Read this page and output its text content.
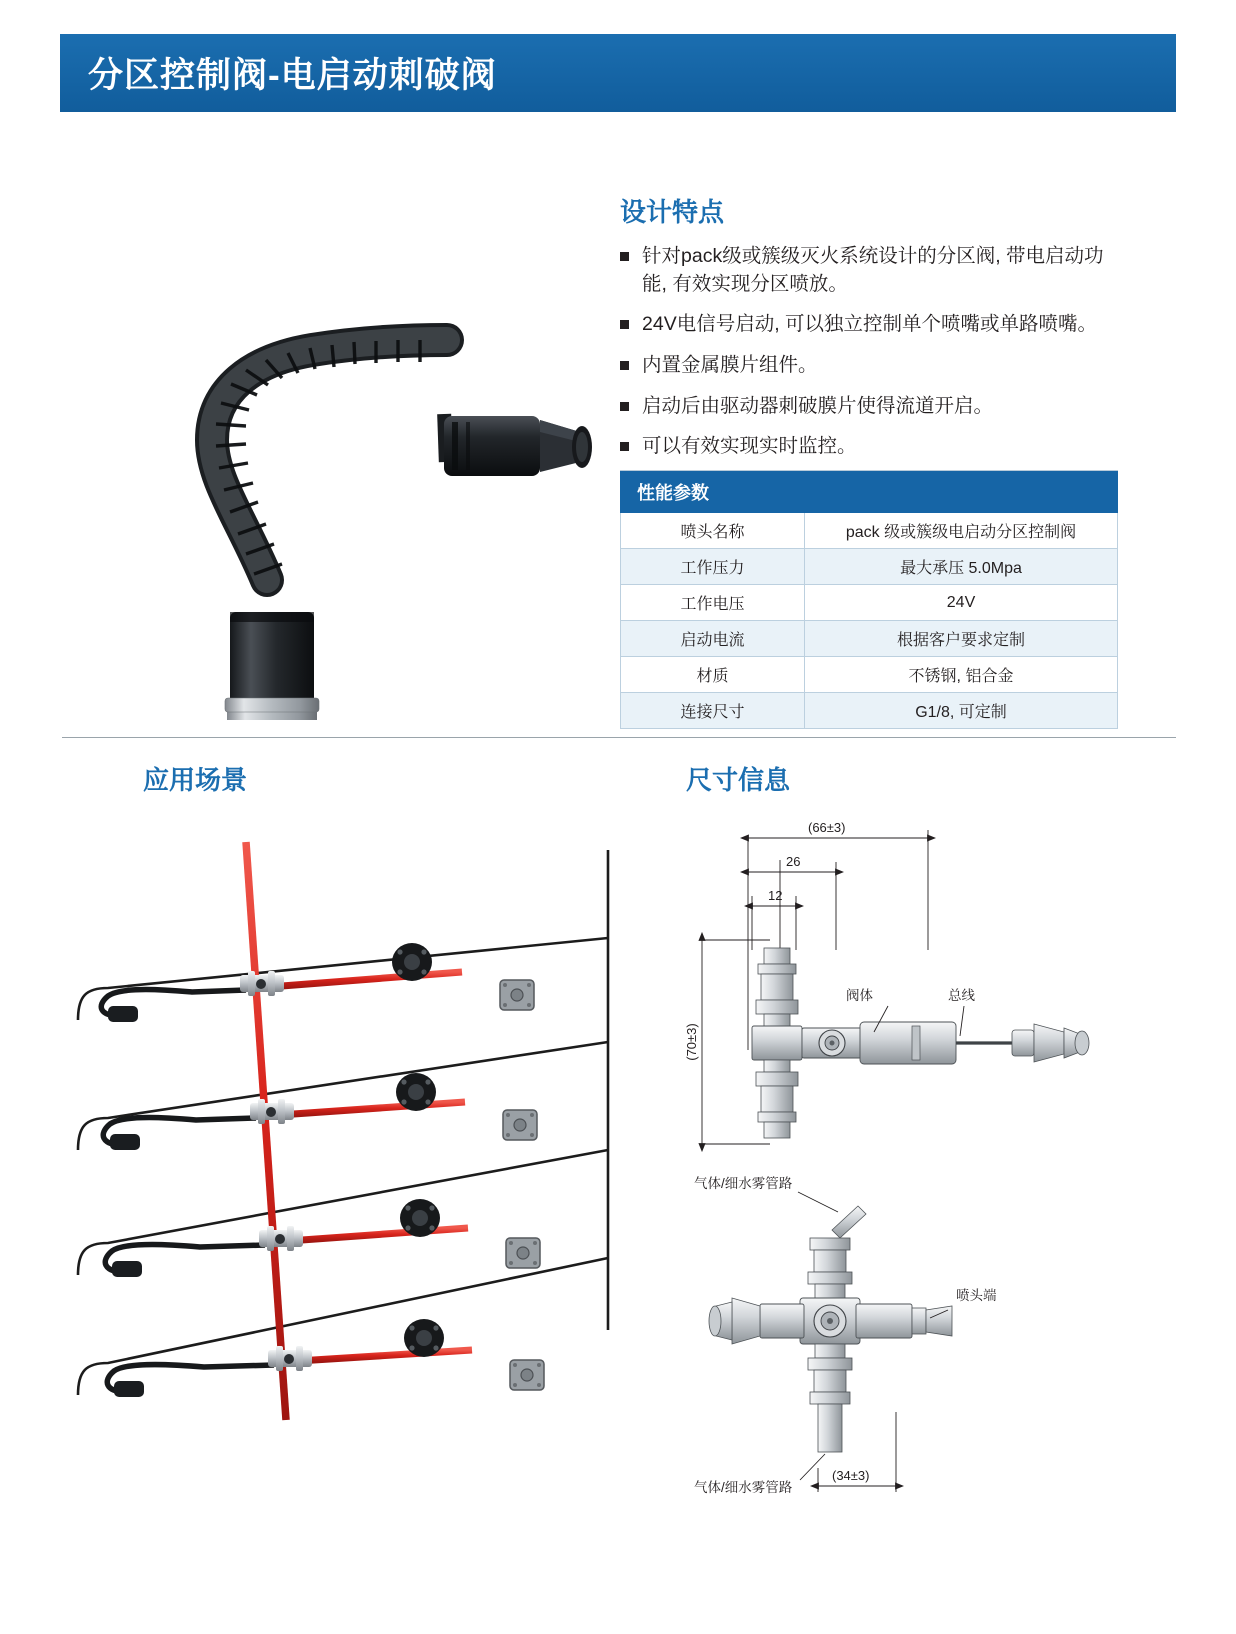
分区控制阀-电启动刺破阀
设计特点
针对pack级或簇级灭火系统设计的分区阀, 带电启动功能, 有效实现分区喷放。
24V电信号启动, 可以独立控制单个喷嘴或单路喷嘴。
内置金属膜片组件。
启动后由驱动器刺破膜片使得流道开启。
可以有效实现实时监控。
性能参数	
喷头名称	pack 级或簇级电启动分区控制阀
工作压力	最大承压 5.0Mpa
工作电压	24V
启动电流	根据客户要求定制
材质	不锈钢, 铝合金
连接尺寸	G1/8, 可定制
应用场景	尺寸信息
(66±3)
26
12
(70±3)
阀体	总线
气体/细水雾管路
喷头端
气体/细水雾管路
(34±3)
